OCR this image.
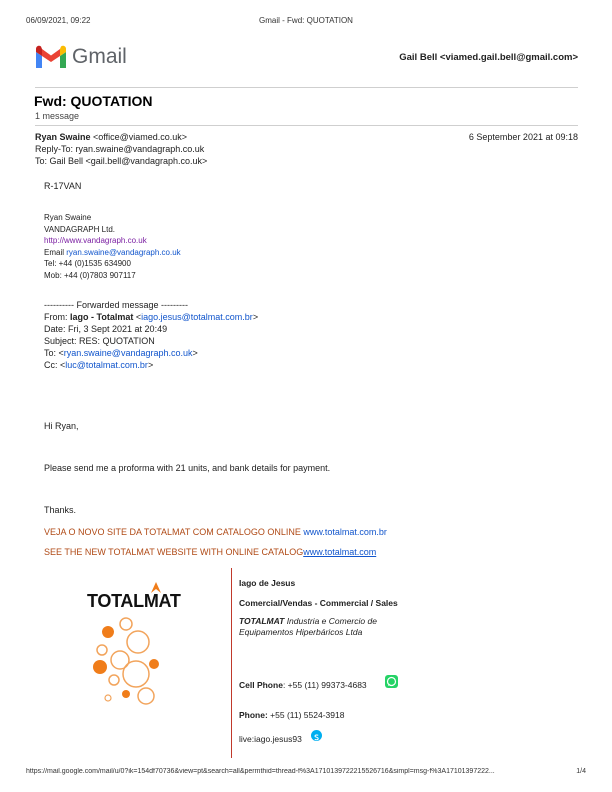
06/09/2021, 09:22	Gmail - Fwd: QUOTATION
Gmail	Gail Bell <viamed.gail.bell@gmail.com>
Fwd: QUOTATION
1 message
Ryan Swaine <office@viamed.co.uk>	6 September 2021 at 09:18
Reply-To: ryan.swaine@vandagraph.co.uk
To: Gail Bell <gail.bell@vandagraph.co.uk>
R-17VAN
Ryan Swaine
VANDAGRAPH Ltd.
http://www.vandagraph.co.uk
Email ryan.swaine@vandagraph.co.uk
Tel: +44 (0)1535 634900
Mob: +44 (0)7803 907117
---------- Forwarded message ---------
From: Iago - Totalmat <iago.jesus@totalmat.com.br>
Date: Fri, 3 Sept 2021 at 20:49
Subject: RES: QUOTATION
To: <ryan.swaine@vandagraph.co.uk>
Cc: <luc@totalmat.com.br>
Hi Ryan,
Please send me a proforma with 21 units, and bank details for payment.
Thanks.
VEJA O NOVO SITE DA TOTALMAT COM CATALOGO ONLINE www.totalmat.com.br
SEE THE NEW TOTALMAT WEBSITE WITH ONLINE CATALOGwww.totalmat.com
TOTALMAT
Iago de Jesus
Comercial/Vendas - Commercial / Sales
TOTALMAT Industria e Comercio de
Equipamentos Hiperbáricos Ltda
Cell Phone: +55 (11) 99373-4683
Phone: +55 (11) 5524-3918
live:iago.jesus93
https://mail.google.com/mail/u/0?ik=154df70736&view=pt&search=all&permthid=thread-f%3A1710139722215526716&simpl=msg-f%3A17101397222...	1/4
